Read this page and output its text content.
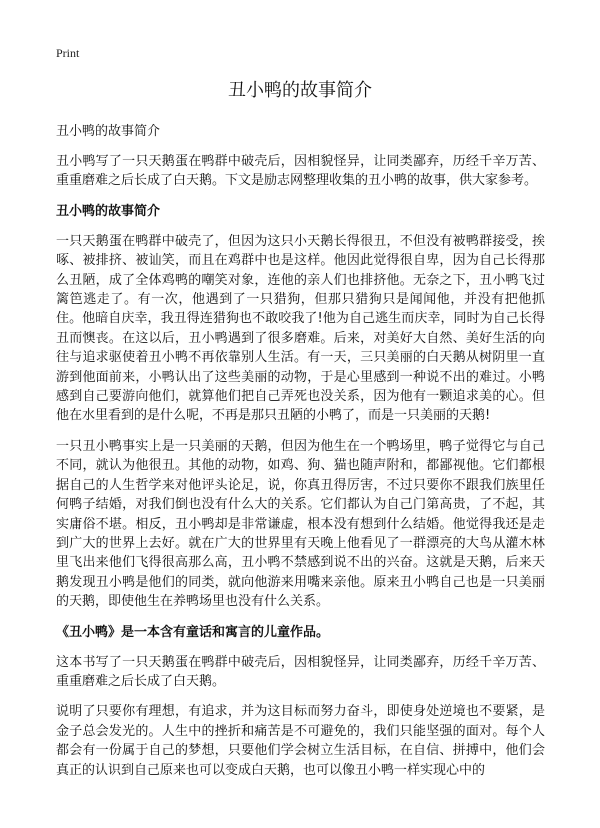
Print
丑小鸭的故事简介
丑小鸭的故事简介

丑小鸭写了一只天鹅蛋在鸭群中破壳后，因相貌怪异，让同类鄙弃，历经千辛万苦、重重磨难之后长成了白天鹅。下文是励志网整理收集的丑小鸭的故事，供大家参考。

丑小鸭的故事简介

一只天鹅蛋在鸭群中破壳了，但因为这只小天鹅长得很丑，不但没有被鸭群接受，挨啄、被排挤、被讪笑，而且在鸡群中也是这样。他因此觉得很自卑，因为自己长得那么丑陋，成了全体鸡鸭的嘲笑对象，连他的亲人们也排挤他。无奈之下，丑小鸭飞过篱笆逃走了。有一次，他遇到了一只猎狗，但那只猎狗只是闻闻他，并没有把他抓住。他暗自庆幸，我丑得连猎狗也不敢咬我了!他为自己逃生而庆幸，同时为自己长得丑而懊丧。在这以后，丑小鸭遇到了很多磨难。后来，对美好大自然、美好生活的向往与追求驱使着丑小鸭不再依靠别人生活。有一天，三只美丽的白天鹅从树阴里一直游到他面前来，小鸭认出了这些美丽的动物，于是心里感到一种说不出的难过。小鸭感到自己要游向他们，就算他们把自己弄死也没关系，因为他有一颗追求美的心。但他在水里看到的是什么呢，不再是那只丑陋的小鸭了，而是一只美丽的天鹅!

一只丑小鸭事实上是一只美丽的天鹅，但因为他生在一个鸭场里，鸭子觉得它与自己不同，就认为他很丑。其他的动物，如鸡、狗、猫也随声附和，都鄙视他。它们都根据自己的人生哲学来对他评头论足，说，你真丑得厉害，不过只要你不跟我们族里任何鸭子结婚，对我们倒也没有什么大的关系。它们都认为自己门第高贵，了不起，其实庸俗不堪。相反，丑小鸭却是非常谦虚，根本没有想到什么结婚。他觉得我还是走到广大的世界上去好。就在广大的世界里有天晚上他看见了一群漂亮的大鸟从灌木林里飞出来他们飞得很高那么高，丑小鸭不禁感到说不出的兴奋。这就是天鹅，后来天鹅发现丑小鸭是他们的同类，就向他游来用嘴来亲他。原来丑小鸭自己也是一只美丽的天鹅，即使他生在养鸭场里也没有什么关系。

《丑小鸭》是一本含有童话和寓言的儿童作品。

这本书写了一只天鹅蛋在鸭群中破壳后，因相貌怪异，让同类鄙弃，历经千辛万苦、重重磨难之后长成了白天鹅。

说明了只要你有理想，有追求，并为这目标而努力奋斗，即使身处逆境也不要紧，是金子总会发光的。人生中的挫折和痛苦是不可避免的，我们只能坚强的面对。每个人都会有一份属于自己的梦想，只要他们学会树立生活目标，在自信、拼搏中，他们会真正的认识到自己原来也可以变成白天鹅，也可以像丑小鸭一样实现心中的
